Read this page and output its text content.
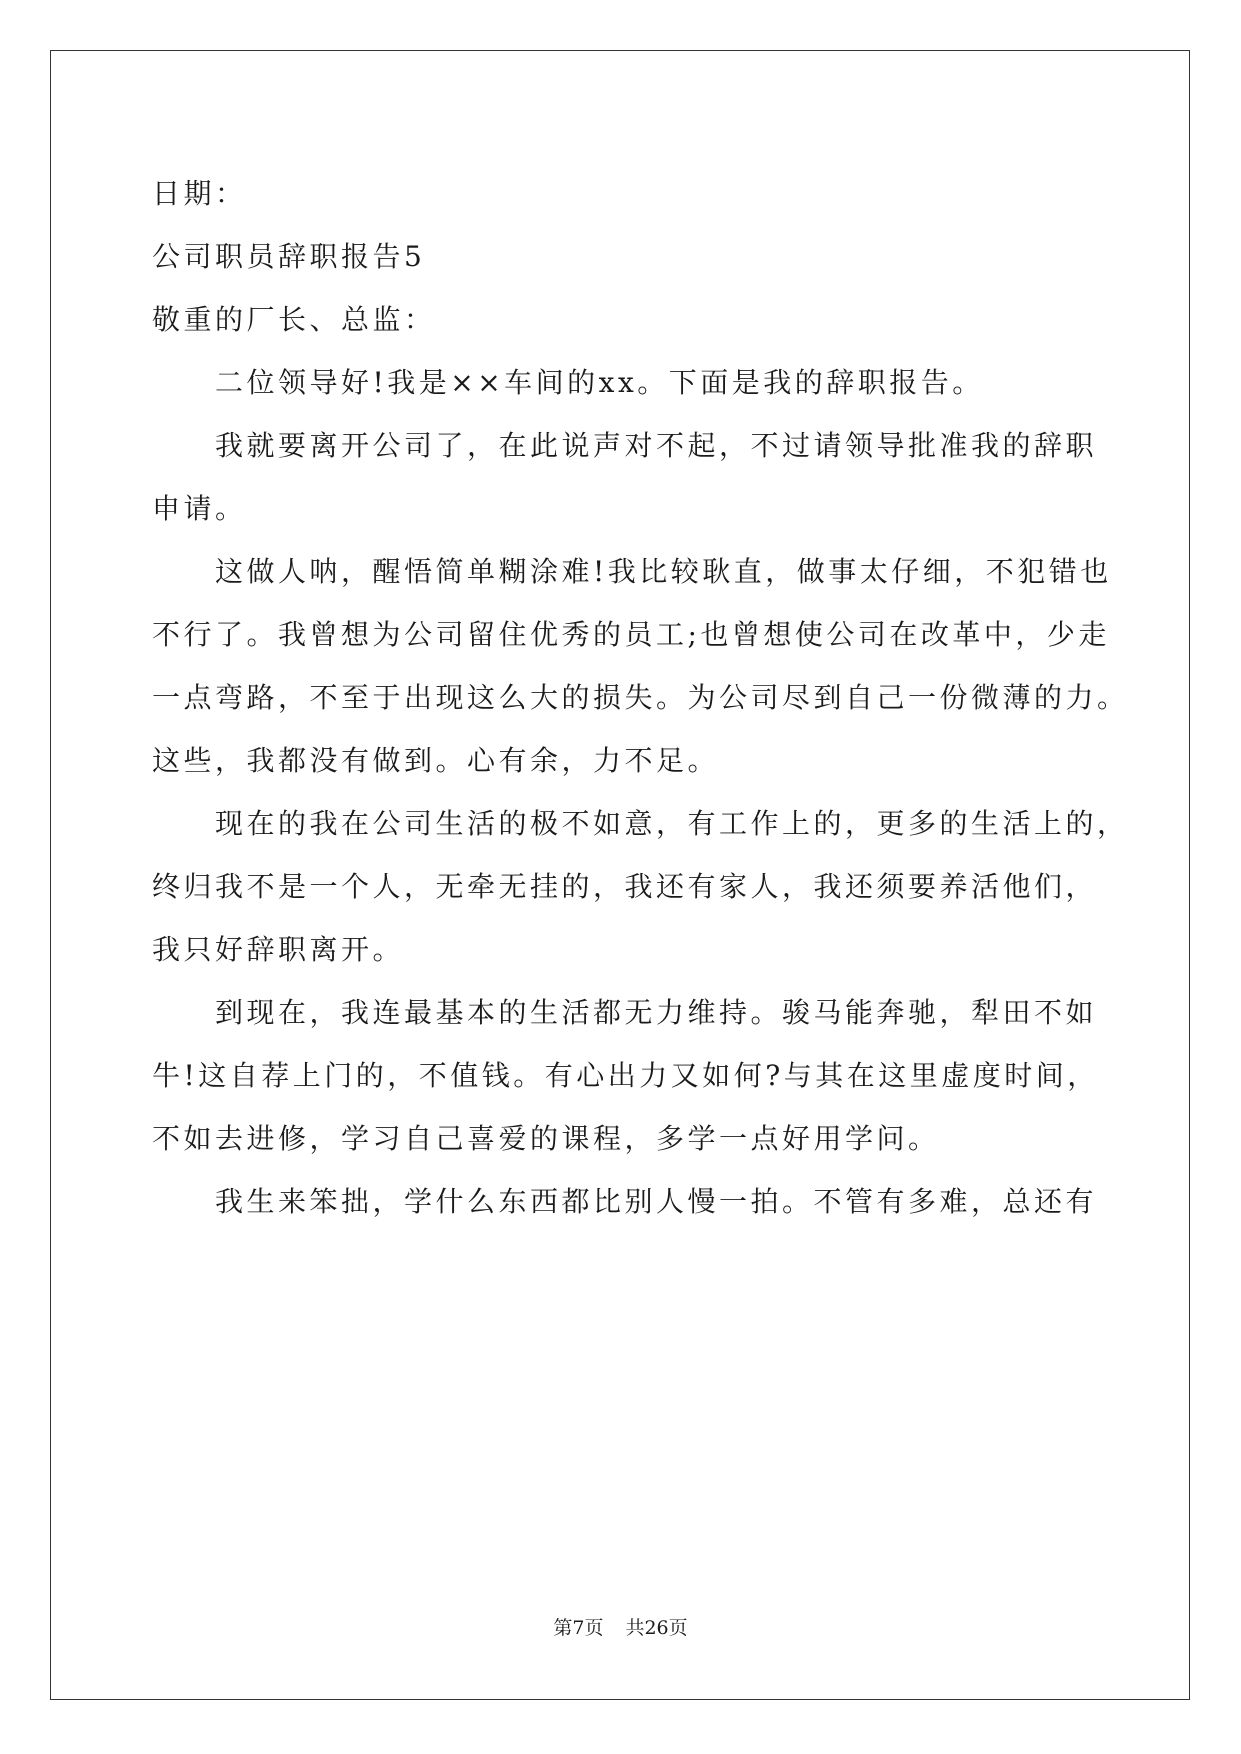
日期：

公司职员辞职报告5

敬重的厂长、总监：

二位领导好!我是××车间的xx。下面是我的辞职报告。

我就要离开公司了，在此说声对不起，不过请领导批准我的辞职

申请。

这做人呐，醒悟简单糊涂难!我比较耿直，做事太仔细，不犯错也

不行了。我曾想为公司留住优秀的员工;也曾想使公司在改革中，少走

一点弯路，不至于出现这么大的损失。为公司尽到自己一份微薄的力。

这些，我都没有做到。心有余，力不足。

现在的我在公司生活的极不如意，有工作上的，更多的生活上的，

终归我不是一个人，无牵无挂的，我还有家人，我还须要养活他们，

我只好辞职离开。

到现在，我连最基本的生活都无力维持。骏马能奔驰，犁田不如

牛!这自荐上门的，不值钱。有心出力又如何?与其在这里虚度时间，

不如去进修，学习自己喜爱的课程，多学一点好用学问。

我生来笨拙，学什么东西都比别人慢一拍。不管有多难，总还有

第7页 共26页
